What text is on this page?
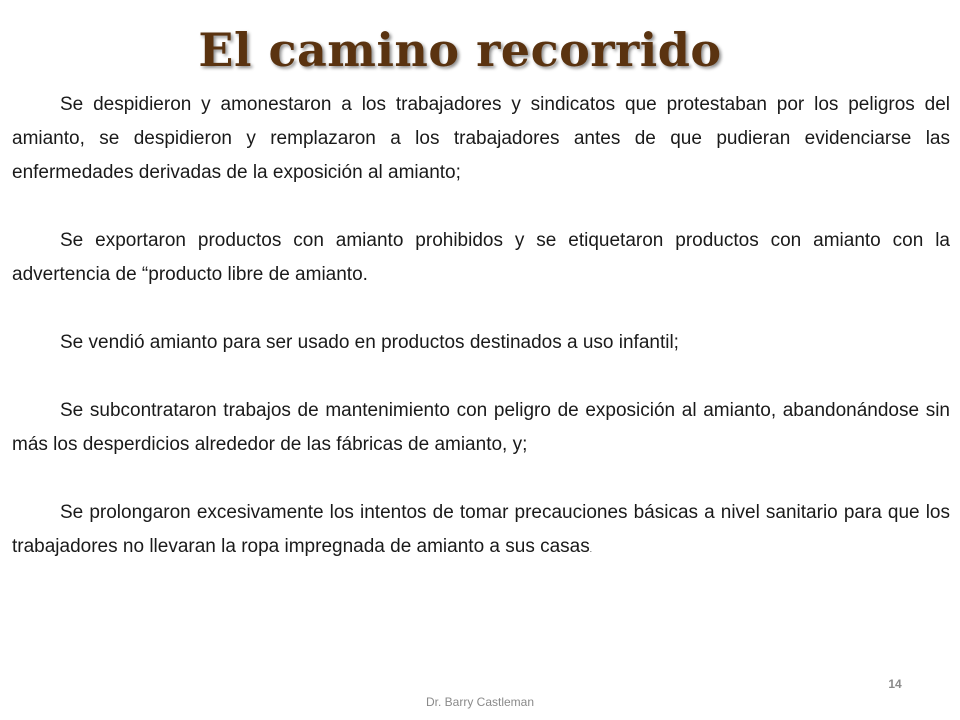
El camino recorrido

Se despidieron y amonestaron a los trabajadores y sindicatos que protestaban por los peligros del amianto, se despidieron y remplazaron a los trabajadores antes de que pudieran evidenciarse las enfermedades derivadas de la exposición al amianto;

Se exportaron productos con amianto prohibidos y se etiquetaron productos con amianto con la advertencia de “producto libre de amianto.

Se vendió amianto para ser usado en productos destinados a uso infantil;

Se subcontrataron trabajos de mantenimiento con peligro de exposición al amianto, abandonándose sin más los desperdicios alrededor de las fábricas de amianto, y;

Se prolongaron excesivamente los intentos de tomar precauciones básicas a nivel sanitario para que los trabajadores no llevaran la ropa impregnada de amianto a sus casas.

Dr. Barry Castleman
14
